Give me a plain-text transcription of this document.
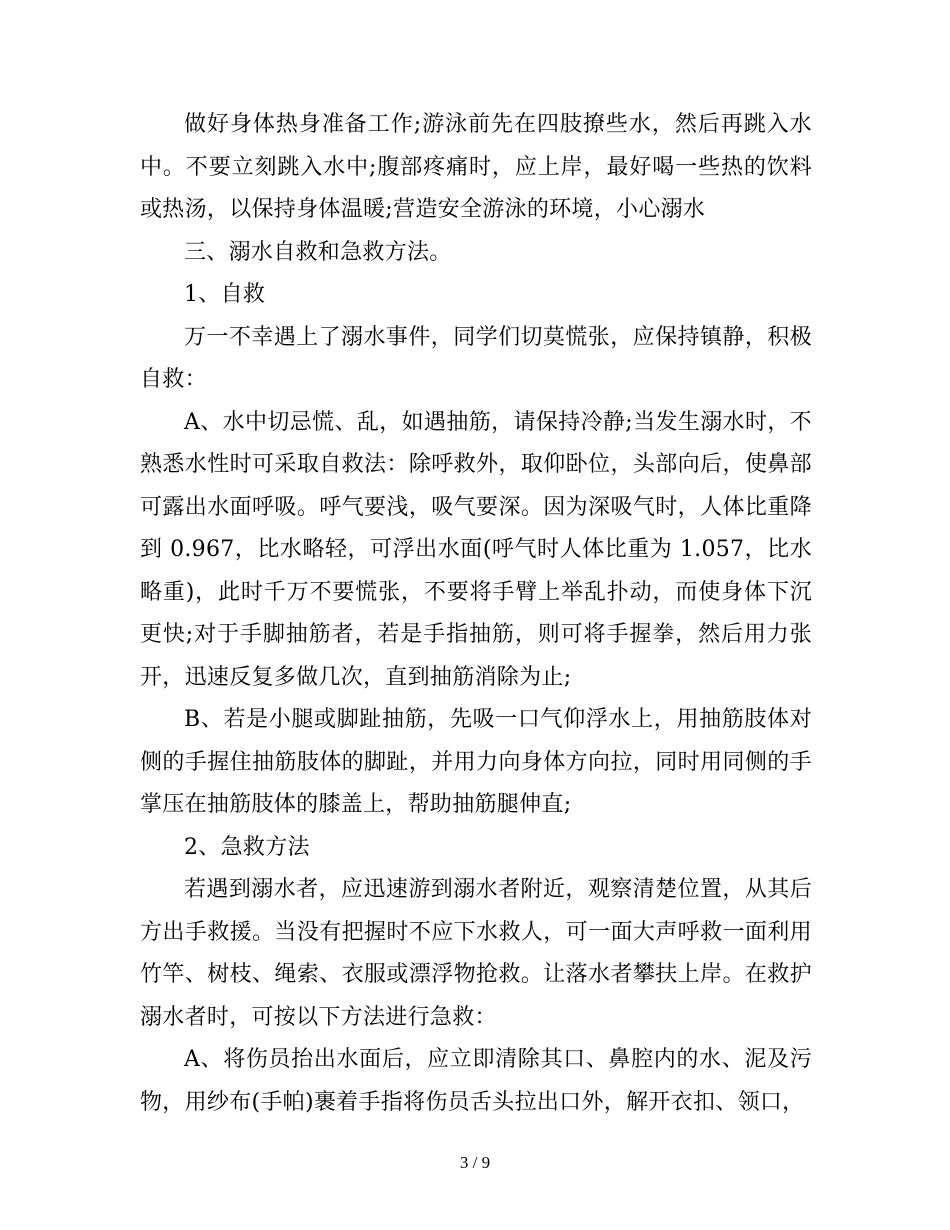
做好身体热身准备工作;游泳前先在四肢撩些水，然后再跳入水中。不要立刻跳入水中;腹部疼痛时，应上岸，最好喝一些热的饮料或热汤，以保持身体温暖;营造安全游泳的环境，小心溺水

三、溺水自救和急救方法。

1、自救

万一不幸遇上了溺水事件，同学们切莫慌张，应保持镇静，积极自救：

A、水中切忌慌、乱，如遇抽筋，请保持冷静;当发生溺水时，不熟悉水性时可采取自救法：除呼救外，取仰卧位，头部向后，使鼻部可露出水面呼吸。呼气要浅，吸气要深。因为深吸气时，人体比重降到 0.967，比水略轻，可浮出水面(呼气时人体比重为 1.057，比水略重)，此时千万不要慌张，不要将手臂上举乱扑动，而使身体下沉更快;对于手脚抽筋者，若是手指抽筋，则可将手握拳，然后用力张开，迅速反复多做几次，直到抽筋消除为止;

B、若是小腿或脚趾抽筋，先吸一口气仰浮水上，用抽筋肢体对侧的手握住抽筋肢体的脚趾，并用力向身体方向拉，同时用同侧的手掌压在抽筋肢体的膝盖上，帮助抽筋腿伸直;

2、急救方法

若遇到溺水者，应迅速游到溺水者附近，观察清楚位置，从其后方出手救援。当没有把握时不应下水救人，可一面大声呼救一面利用竹竿、树枝、绳索、衣服或漂浮物抢救。让落水者攀扶上岸。在救护溺水者时，可按以下方法进行急救：

A、将伤员抬出水面后，应立即清除其口、鼻腔内的水、泥及污物，用纱布(手帕)裹着手指将伤员舌头拉出口外，解开衣扣、领口，

3 / 9
